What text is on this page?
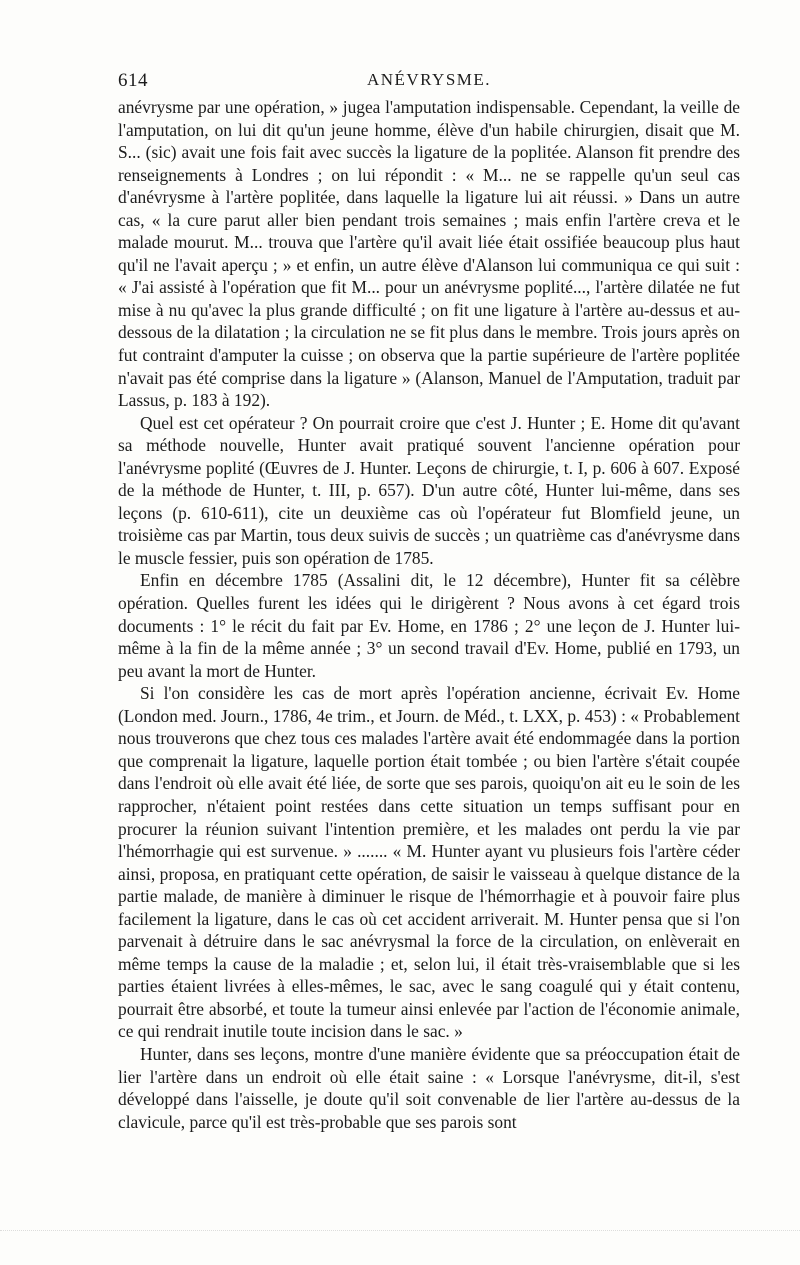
614	ANÉVRYSME.

anévrysme par une opération, » jugea l'amputation indispensable. Cependant, la veille de l'amputation, on lui dit qu'un jeune homme, élève d'un habile chirurgien, disait que M. S... (sic) avait une fois fait avec succès la ligature de la poplitée. Alanson fit prendre des renseignements à Londres ; on lui répondit : « M... ne se rappelle qu'un seul cas d'anévrysme à l'artère poplitée, dans laquelle la ligature lui ait réussi. » Dans un autre cas, « la cure parut aller bien pendant trois semaines ; mais enfin l'artère creva et le malade mourut. M... trouva que l'artère qu'il avait liée était ossifiée beaucoup plus haut qu'il ne l'avait aperçu ; » et enfin, un autre élève d'Alanson lui communiqua ce qui suit : « J'ai assisté à l'opération que fit M... pour un anévrysme poplité..., l'artère dilatée ne fut mise à nu qu'avec la plus grande difficulté ; on fit une ligature à l'artère au-dessus et au-dessous de la dilatation ; la circulation ne se fit plus dans le membre. Trois jours après on fut contraint d'amputer la cuisse ; on observa que la partie supérieure de l'artère poplitée n'avait pas été comprise dans la ligature » (Alanson, Manuel de l'Amputation, traduit par Lassus, p. 183 à 192).

Quel est cet opérateur ? On pourrait croire que c'est J. Hunter ; E. Home dit qu'avant sa méthode nouvelle, Hunter avait pratiqué souvent l'ancienne opération pour l'anévrysme poplité (Œuvres de J. Hunter. Leçons de chirurgie, t. I, p. 606 à 607. Exposé de la méthode de Hunter, t. III, p. 657). D'un autre côté, Hunter lui-même, dans ses leçons (p. 610-611), cite un deuxième cas où l'opérateur fut Blomfield jeune, un troisième cas par Martin, tous deux suivis de succès ; un quatrième cas d'anévrysme dans le muscle fessier, puis son opération de 1785.

Enfin en décembre 1785 (Assalini dit, le 12 décembre), Hunter fit sa célèbre opération. Quelles furent les idées qui le dirigèrent ? Nous avons à cet égard trois documents : 1° le récit du fait par Ev. Home, en 1786 ; 2° une leçon de J. Hunter lui-même à la fin de la même année ; 3° un second travail d'Ev. Home, publié en 1793, un peu avant la mort de Hunter.

Si l'on considère les cas de mort après l'opération ancienne, écrivait Ev. Home (London med. Journ., 1786, 4e trim., et Journ. de Méd., t. LXX, p. 453) : « Probablement nous trouverons que chez tous ces malades l'artère avait été endommagée dans la portion que comprenait la ligature, laquelle portion était tombée ; ou bien l'artère s'était coupée dans l'endroit où elle avait été liée, de sorte que ses parois, quoiqu'on ait eu le soin de les rapprocher, n'étaient point restées dans cette situation un temps suffisant pour en procurer la réunion suivant l'intention première, et les malades ont perdu la vie par l'hémorrhagie qui est survenue. » ....... « M. Hunter ayant vu plusieurs fois l'artère céder ainsi, proposa, en pratiquant cette opération, de saisir le vaisseau à quelque distance de la partie malade, de manière à diminuer le risque de l'hémorrhagie et à pouvoir faire plus facilement la ligature, dans le cas où cet accident arriverait. M. Hunter pensa que si l'on parvenait à détruire dans le sac anévrysmal la force de la circulation, on enlèverait en même temps la cause de la maladie ; et, selon lui, il était très-vraisemblable que si les parties étaient livrées à elles-mêmes, le sac, avec le sang coagulé qui y était contenu, pourrait être absorbé, et toute la tumeur ainsi enlevée par l'action de l'économie animale, ce qui rendrait inutile toute incision dans le sac. »

Hunter, dans ses leçons, montre d'une manière évidente que sa préoccupation était de lier l'artère dans un endroit où elle était saine : « Lorsque l'anévrysme, dit-il, s'est développé dans l'aisselle, je doute qu'il soit convenable de lier l'artère au-dessus de la clavicule, parce qu'il est très-probable que ses parois sont
